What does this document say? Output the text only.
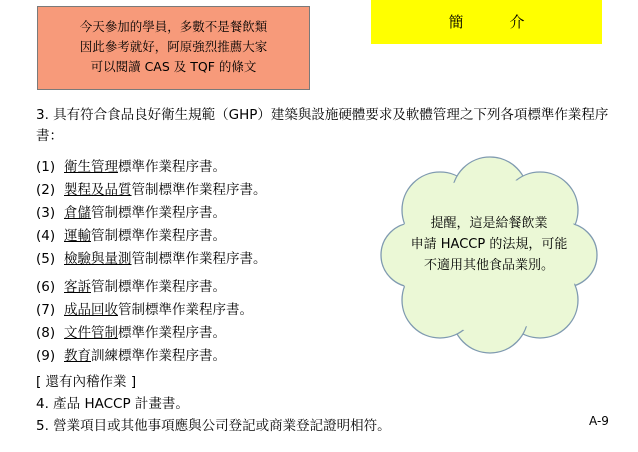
今天參加的學員，多數不是餐飲類
因此參考就好，阿原強烈推薦大家
可以閱讀 CAS 及 TQF 的條文
簡	介
3. 具有符合食品良好衛生規範（GHP）建築與設施硬體要求及軟體管理之下列各項標準作業程序書：
(1) 衛生管理標準作業程序書。
(2) 製程及品質管制標準作業程序書。
(3) 倉儲管制標準作業程序書。
(4) 運輸管制標準作業程序書。
(5) 檢驗與量測管制標準作業程序書。
(6) 客訴管制標準作業程序書。
(7) 成品回收管制標準作業程序書。
(8) 文件管制標準作業程序書。
(9) 教育訓練標準作業程序書。
[ 還有內稽作業 ]
4. 產品 HACCP 計畫書。
5. 營業項目或其他事項應與公司登記或商業登記證明相符。
提醒，這是給餐飲業
申請 HACCP 的法規，可能
不適用其他食品業別。
A-9
